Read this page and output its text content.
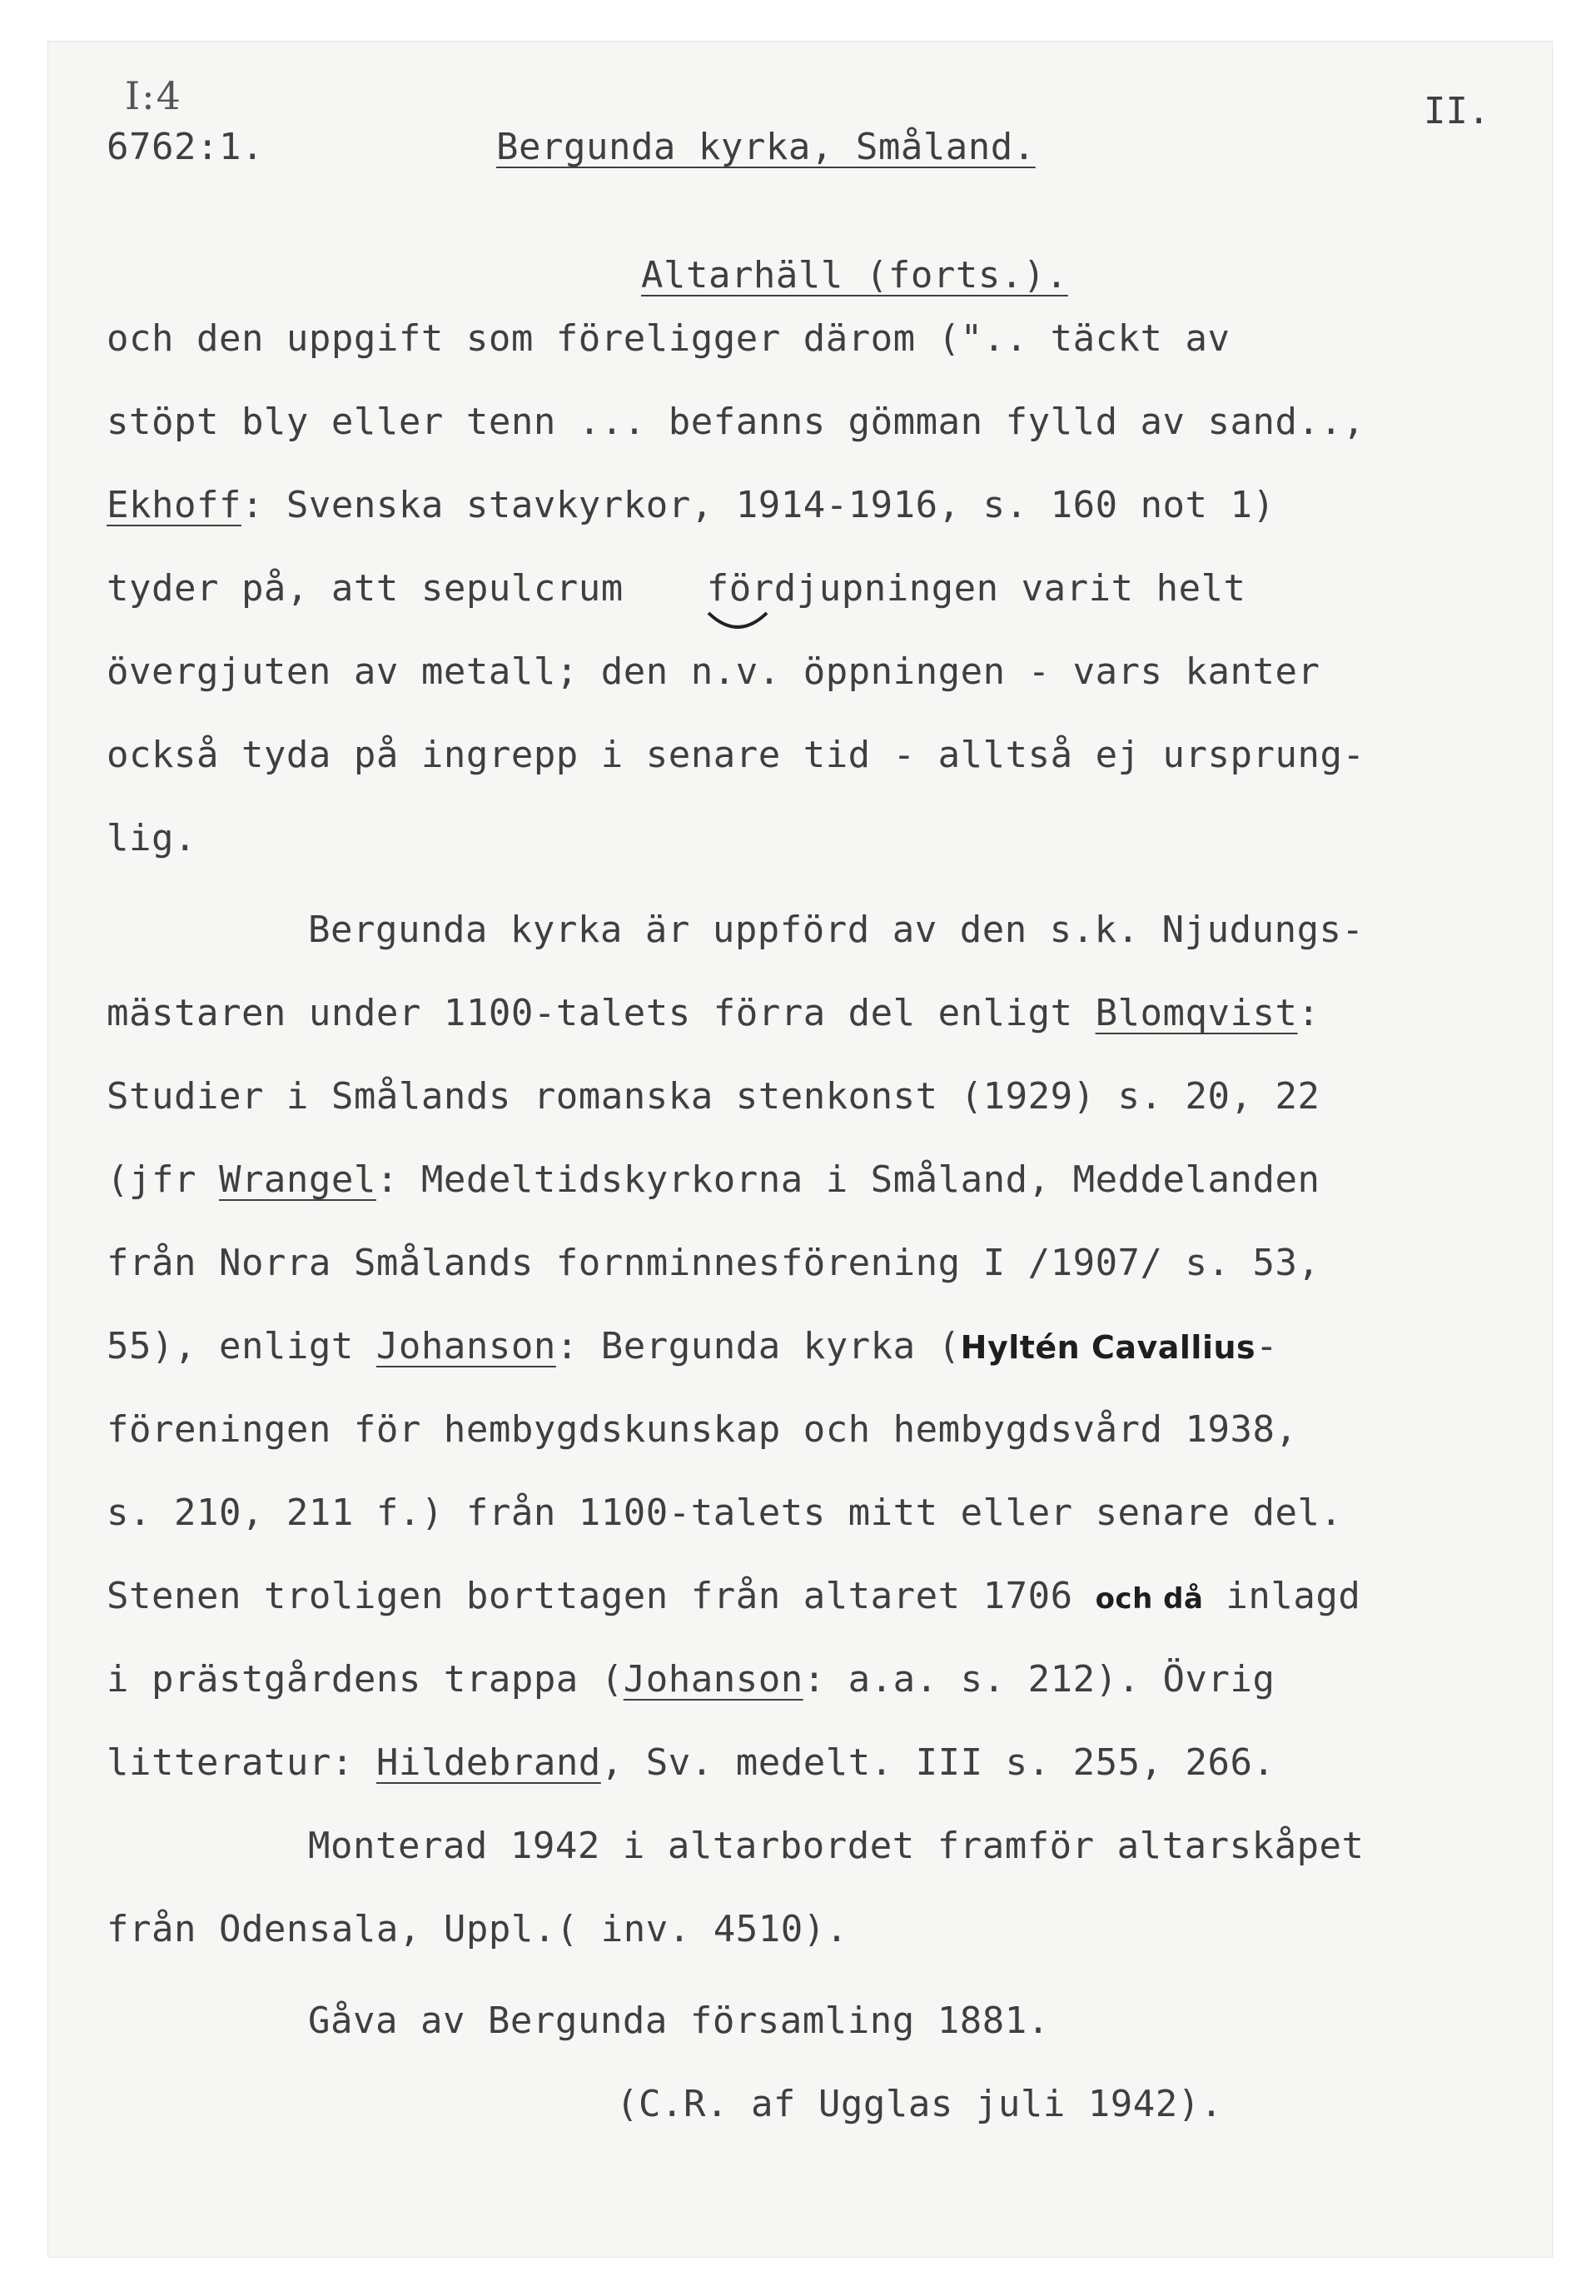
I:4
6762:1.	Bergunda kyrka, Småland.
II.

Altarhäll (forts.).

och den uppgift som föreligger därom (".. täckt av
stöpt bly eller tenn ... befanns gömman fylld av sand..,
Ekhoff: Svenska stavkyrkor, 1914-1916, s. 160 not 1)
tyder på, att sepulcrum fördjupningen varit helt
övergjuten av metall; den n.v. öppningen - vars kanter
också tyda på ingrepp i senare tid - alltså ej ursprung-
lig.
Bergunda kyrka är uppförd av den s.k. Njudungs-
mästaren under 1100-talets förra del enligt Blomqvist:
Studier i Smålands romanska stenkonst (1929) s. 20, 22
(jfr Wrangel: Medeltidskyrkorna i Småland, Meddelanden
från Norra Smålands fornminnesförening I /1907/ s. 53,
55), enligt Johanson: Bergunda kyrka (Hyltén Cavallius-
föreningen för hembygdskunskap och hembygdsvård 1938,
s. 210, 211 f.) från 1100-talets mitt eller senare del.
Stenen troligen borttagen från altaret 1706 och då inlagd
i prästgårdens trappa (Johanson: a.a. s. 212). Övrig
litteratur: Hildebrand, Sv. medelt. III s. 255, 266.
Monterad 1942 i altarbordet framför altarskåpet
från Odensala, Uppl.( inv. 4510).
Gåva av Bergunda församling 1881.
(C.R. af Ugglas juli 1942).
